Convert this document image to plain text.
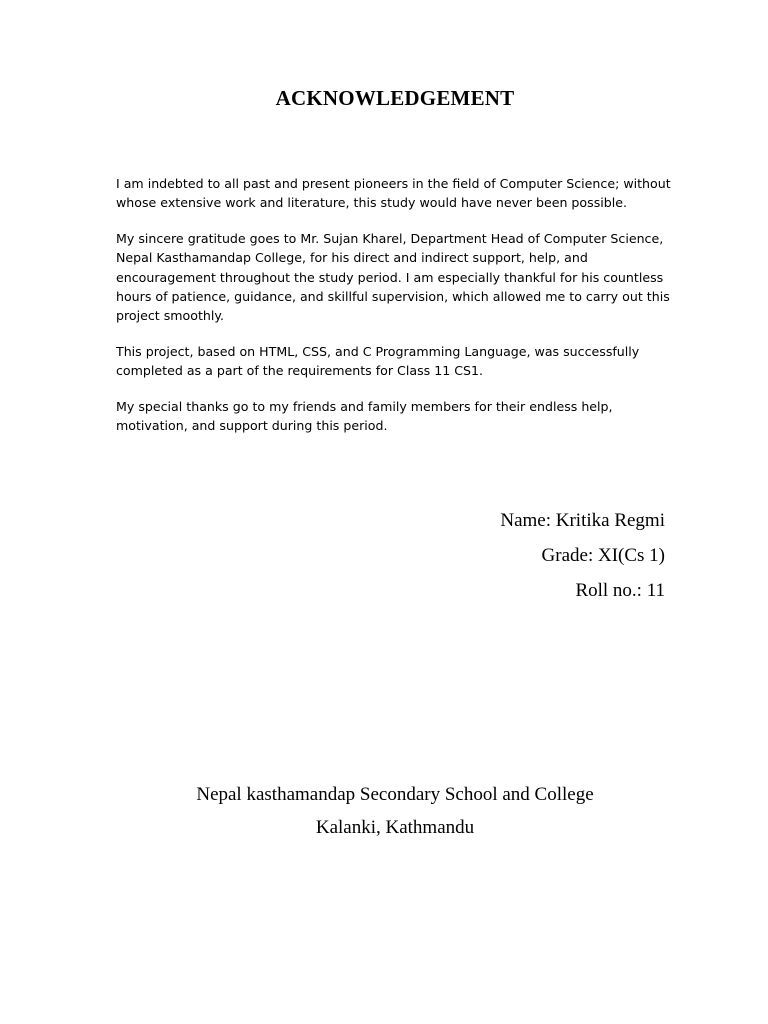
ACKNOWLEDGEMENT

I am indebted to all past and present pioneers in the field of Computer Science; without whose extensive work and literature, this study would have never been possible.

My sincere gratitude goes to Mr. Sujan Kharel, Department Head of Computer Science, Nepal Kasthamandap College, for his direct and indirect support, help, and encouragement throughout the study period. I am especially thankful for his countless hours of patience, guidance, and skillful supervision, which allowed me to carry out this project smoothly.

This project, based on HTML, CSS, and C Programming Language, was successfully completed as a part of the requirements for Class 11 CS1.

My special thanks go to my friends and family members for their endless help, motivation, and support during this period.

Name: Kritika Regmi
Grade: XI(Cs 1)
Roll no.: 11
Nepal kasthamandap Secondary School and College
Kalanki, Kathmandu
